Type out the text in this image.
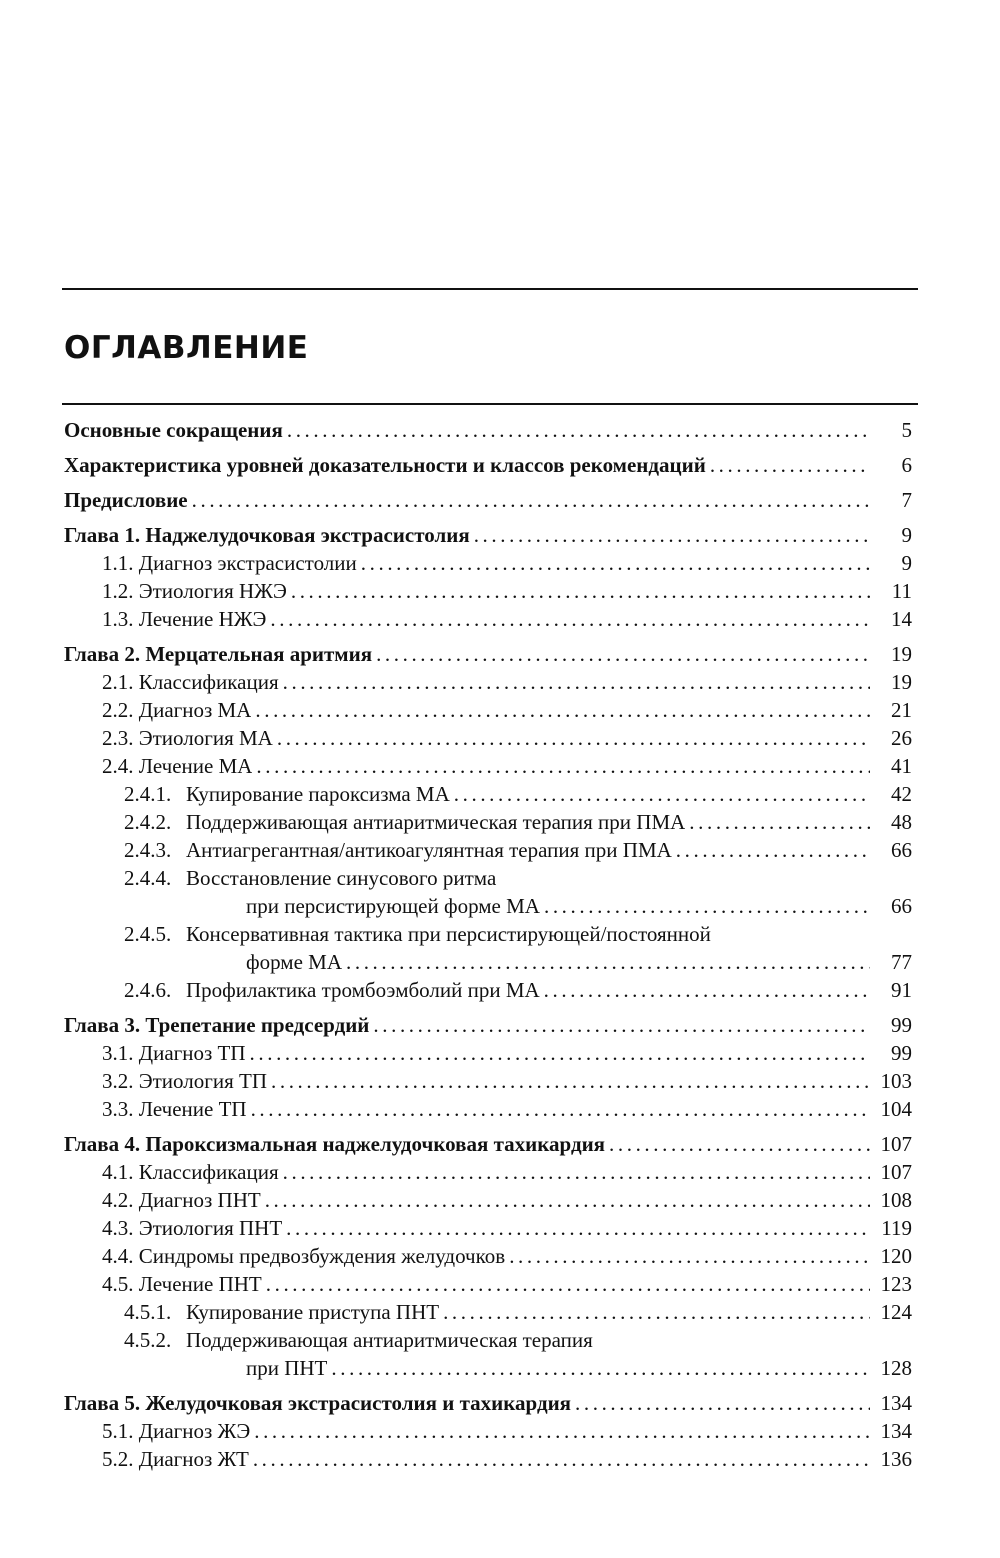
ОГЛАВЛЕНИЕ
Основные сокращения .....	5
Характеристика уровней доказательности и классов рекомендаций .....	6
Предисловие .....	7
Глава 1. Наджелудочковая экстрасистолия .....	9
1.1. Диагноз экстрасистолии .....	9
1.2. Этиология НЖЭ .....	11
1.3. Лечение НЖЭ .....	14
Глава 2. Мерцательная аритмия .....	19
2.1. Классификация .....	19
2.2. Диагноз МА .....	21
2.3. Этиология МА .....	26
2.4. Лечение МА .....	41
2.4.1. Купирование пароксизма МА .....	42
2.4.2. Поддерживающая антиаритмическая терапия при ПМА .....	48
2.4.3. Антиагрегантная/антикоагулянтная терапия при ПМА .....	66
2.4.4. Восстановление синусового ритма
при персистирующей форме МА .....	66
2.4.5. Консервативная тактика при персистирующей/постоянной
форме МА .....	77
2.4.6. Профилактика тромбоэмболий при МА .....	91
Глава 3. Трепетание предсердий .....	99
3.1. Диагноз ТП .....	99
3.2. Этиология ТП .....	103
3.3. Лечение ТП .....	104
Глава 4. Пароксизмальная наджелудочковая тахикардия .....	107
4.1. Классификация .....	107
4.2. Диагноз ПНТ .....	108
4.3. Этиология ПНТ .....	119
4.4. Синдромы предвозбуждения желудочков .....	120
4.5. Лечение ПНТ .....	123
4.5.1. Купирование приступа ПНТ .....	124
4.5.2. Поддерживающая антиаритмическая терапия
при ПНТ .....	128
Глава 5. Желудочковая экстрасистолия и тахикардия .....	134
5.1. Диагноз ЖЭ .....	134
5.2. Диагноз ЖТ .....	136
